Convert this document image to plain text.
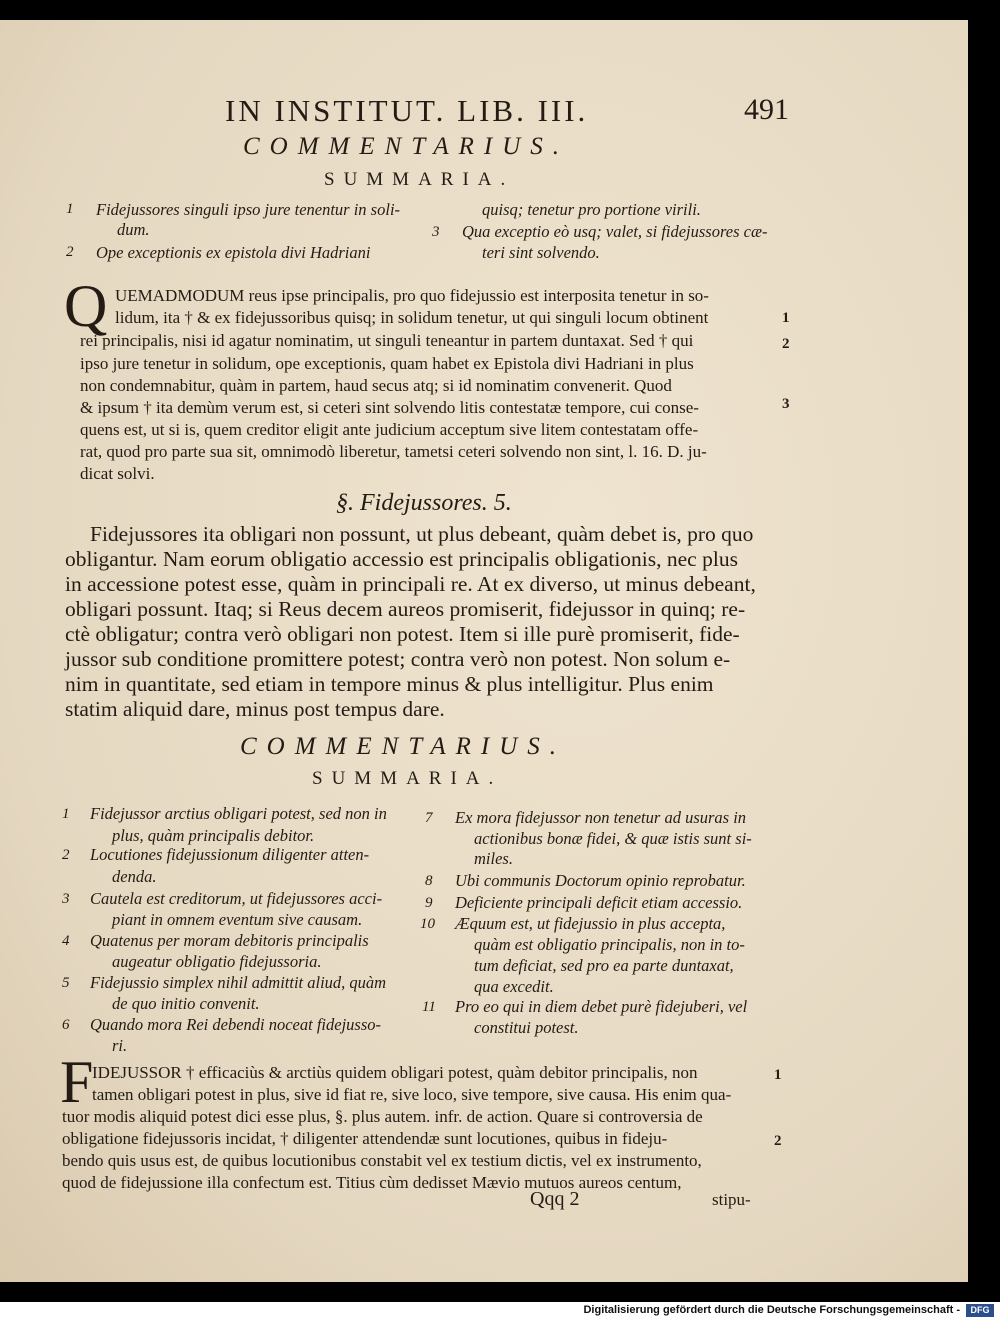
IN INSTITUT. LIB. III.	491
COMMENTARIUS.
SUMMARIA.
1 Fidejussores singuli ipso jure tenentur in soli-
dum.
2 Ope exceptionis ex epistola divi Hadriani
quisq; tenetur pro portione virili.
3 Qua exceptio eò usq; valet, si fidejussores cæ-
teri sint solvendo.
Q UEMADMODUM reus ipse principalis, pro quo fidejussio est interposita tenetur in so-
lidum, ita † & ex fidejussoribus quisq; in solidum tenetur, ut qui singuli locum obtinent
rei principalis, nisi id agatur nominatim, ut singuli teneantur in partem duntaxat. Sed † qui
ipso jure tenetur in solidum, ope exceptionis, quam habet ex Epistola divi Hadriani in plus
non condemnabitur, quàm in partem, haud secus atq; si id nominatim convenerit. Quod
& ipsum † ita demùm verum est, si ceteri sint solvendo litis contestatæ tempore, cui conse-
quens est, ut si is, quem creditor eligit ante judicium acceptum sive litem contestatam offe-
rat, quod pro parte sua sit, omnimodò liberetur, tametsi ceteri solvendo non sint, l. 16. D. ju-
dicat solvi.
1
2
3
§. Fidejussores. 5.
Fidejussores ita obligari non possunt, ut plus debeant, quàm debet is, pro quo
obligantur. Nam eorum obligatio accessio est principalis obligationis, nec plus
in accessione potest esse, quàm in principali re. At ex diverso, ut minus debeant,
obligari possunt. Itaq; si Reus decem aureos promiserit, fidejussor in quinq; re-
ctè obligatur; contra verò obligari non potest. Item si ille purè promiserit, fide-
jussor sub conditione promittere potest; contra verò non potest. Non solum e-
nim in quantitate, sed etiam in tempore minus & plus intelligitur. Plus enim
statim aliquid dare, minus post tempus dare.
COMMENTARIUS.
SUMMARIA.
1 Fidejussor arctius obligari potest, sed non in
plus, quàm principalis debitor.
2 Locutiones fidejussionum diligenter atten-
denda.
3 Cautela est creditorum, ut fidejussores acci-
piant in omnem eventum sive causam.
4 Quatenus per moram debitoris principalis
augeatur obligatio fidejussoria.
5 Fidejussio simplex nihil admittit aliud, quàm
de quo initio convenit.
6 Quando mora Rei debendi noceat fidejusso-
ri.
7 Ex mora fidejussor non tenetur ad usuras in
actionibus bonæ fidei, & quæ istis sunt si-
miles.
8 Ubi communis Doctorum opinio reprobatur.
9 Deficiente principali deficit etiam accessio.
10 Æquum est, ut fidejussio in plus accepta,
quàm est obligatio principalis, non in to-
tum deficiat, sed pro ea parte duntaxat,
qua excedit.
11 Pro eo qui in diem debet purè fidejuberi, vel
constitui potest.
F
IDEJUSSOR † efficaciùs & arctiùs quidem obligari potest, quàm debitor principalis, non
tamen obligari potest in plus, sive id fiat re, sive loco, sive tempore, sive causa. His enim qua-
tuor modis aliquid potest dici esse plus, §. plus autem. infr. de action. Quare si controversia de
obligatione fidejussoris incidat, † diligenter attendendæ sunt locutiones, quibus in fideju-
bendo quis usus est, de quibus locutionibus constabit vel ex testium dictis, vel ex instrumento,
quod de fidejussione illa confectum est. Titius cùm dedisset Mævio mutuos aureos centum,
1
2
Qqq 2	stipu-
Digitalisierung gefördert durch die Deutsche Forschungsgemeinschaft -	DFG
